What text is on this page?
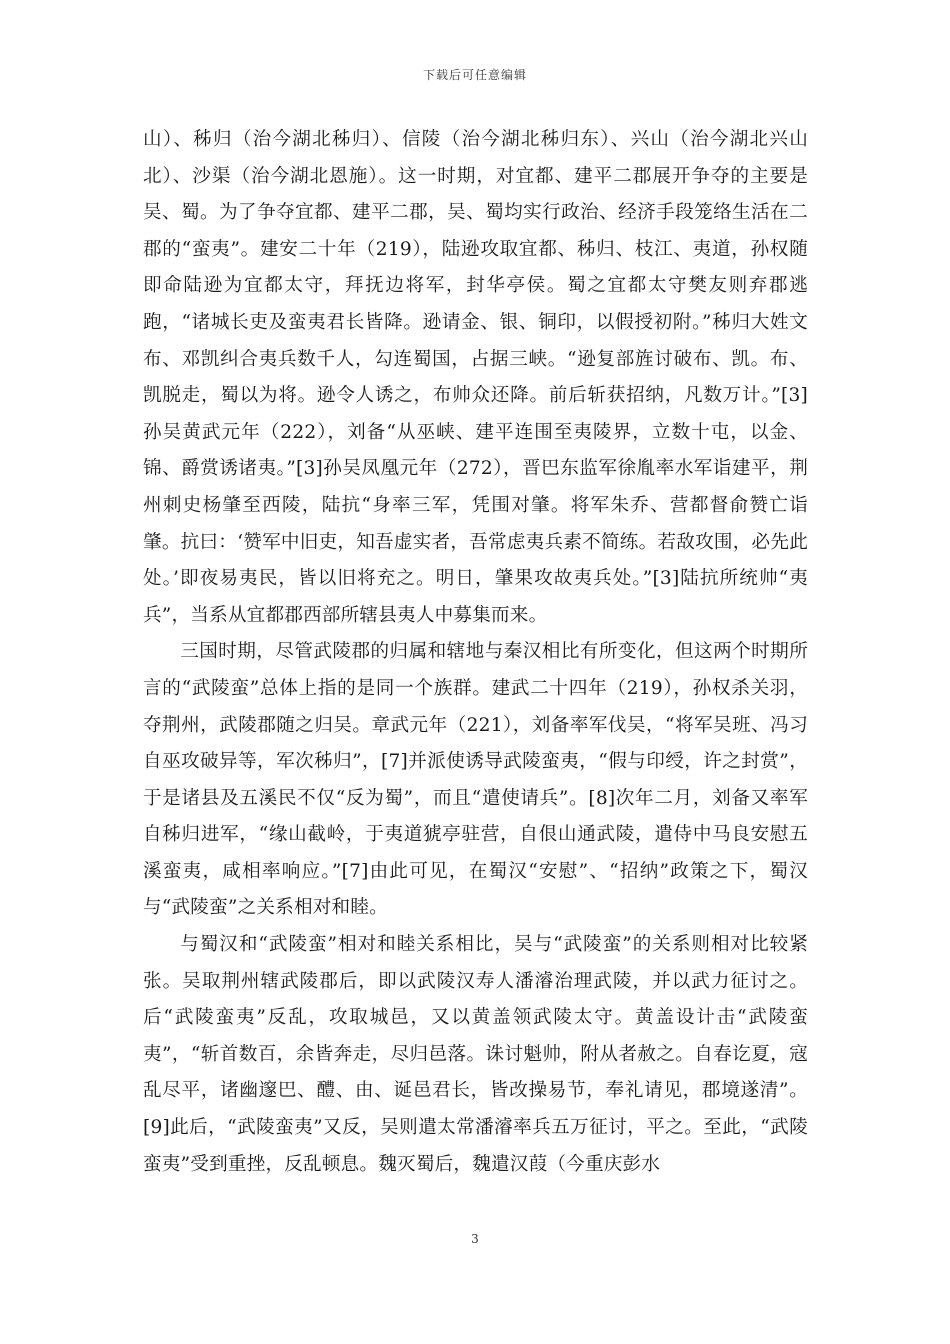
下载后可任意编辑

山）、秭归（治今湖北秭归）、信陵（治今湖北秭归东）、兴山（治今湖北兴山北）、沙渠（治今湖北恩施）。这一时期，对宜都、建平二郡展开争夺的主要是吴、蜀。为了争夺宜都、建平二郡，吴、蜀均实行政治、经济手段笼络生活在二郡的“蛮夷”。建安二十年（219），陆逊攻取宜都、秭归、枝江、夷道，孙权随即命陆逊为宜都太守，拜抚边将军，封华亭侯。蜀之宜都太守樊友则弃郡逃跑，“诸城长吏及蛮夷君长皆降。逊请金、银、铜印，以假授初附。”秭归大姓文布、邓凯纠合夷兵数千人，勾连蜀国，占据三峡。“逊复部旌讨破布、凯。布、 凯脱走，蜀以为将。逊令人诱之，布帅众还降。前后斩获招纳，凡数万计。”[3]孙吴黄武元年（222），刘备“从巫峡、建平连围至夷陵界，立数十屯，以金、锦、爵赏诱诸夷。”[3]孙吴凤凰元年（272），晋巴东监军徐胤率水军诣建平，荆州刺史杨肇至西陵，陆抗“身率三军，凭围对肇。将军朱乔、营都督俞赞亡诣肇。抗曰：‘赞军中旧吏，知吾虚实者，吾常虑夷兵素不简练。若敌攻围，必先此处。’即夜易夷民，皆以旧将充之。明日，肇果攻故夷兵处。”[3]陆抗所统帅“夷兵”，当系从宜都郡西部所辖县夷人中募集而来。

三国时期，尽管武陵郡的归属和辖地与秦汉相比有所变化，但这两个时期所言的“武陵蛮”总体上指的是同一个族群。建武二十四年（219），孙权杀关羽，夺荆州，武陵郡随之归吴。章武元年（221），刘备率军伐吴，“将军吴班、冯习自巫攻破异等，军次秭归”，[7]并派使诱导武陵蛮夷，“假与印绶，许之封赏”，于是诸县及五溪民不仅“反为蜀”，而且“遣使请兵”。[8]次年二月，刘备又率军自秭归进军，“缘山截岭，于夷道猇亭驻营，自佷山通武陵，遣侍中马良安慰五溪蛮夷，咸相率响应。”[7]由此可见，在蜀汉“安慰”、“招纳”政策之下，蜀汉与“武陵蛮”之关系相对和睦。

与蜀汉和“武陵蛮”相对和睦关系相比，吴与“武陵蛮”的关系则相对比较紧张。吴取荆州辖武陵郡后，即以武陵汉寿人潘濬治理武陵，并以武力征讨之。后“武陵蛮夷”反乱，攻取城邑，又以黄盖领武陵太守。黄盖设计击“武陵蛮夷”，“斩首数百，余皆奔走，尽归邑落。诛讨魁帅，附从者赦之。自春讫夏，寇乱尽平，诸幽邃巴、醴、由、诞邑君长，皆改操易节，奉礼请见，郡境遂清”。[9]此后，“武陵蛮夷”又反，吴则遣太常潘濬率兵五万征讨，平之。至此，“武陵蛮夷”受到重挫，反乱顿息。魏灭蜀后，魏遣汉葭（今重庆彭水

3
